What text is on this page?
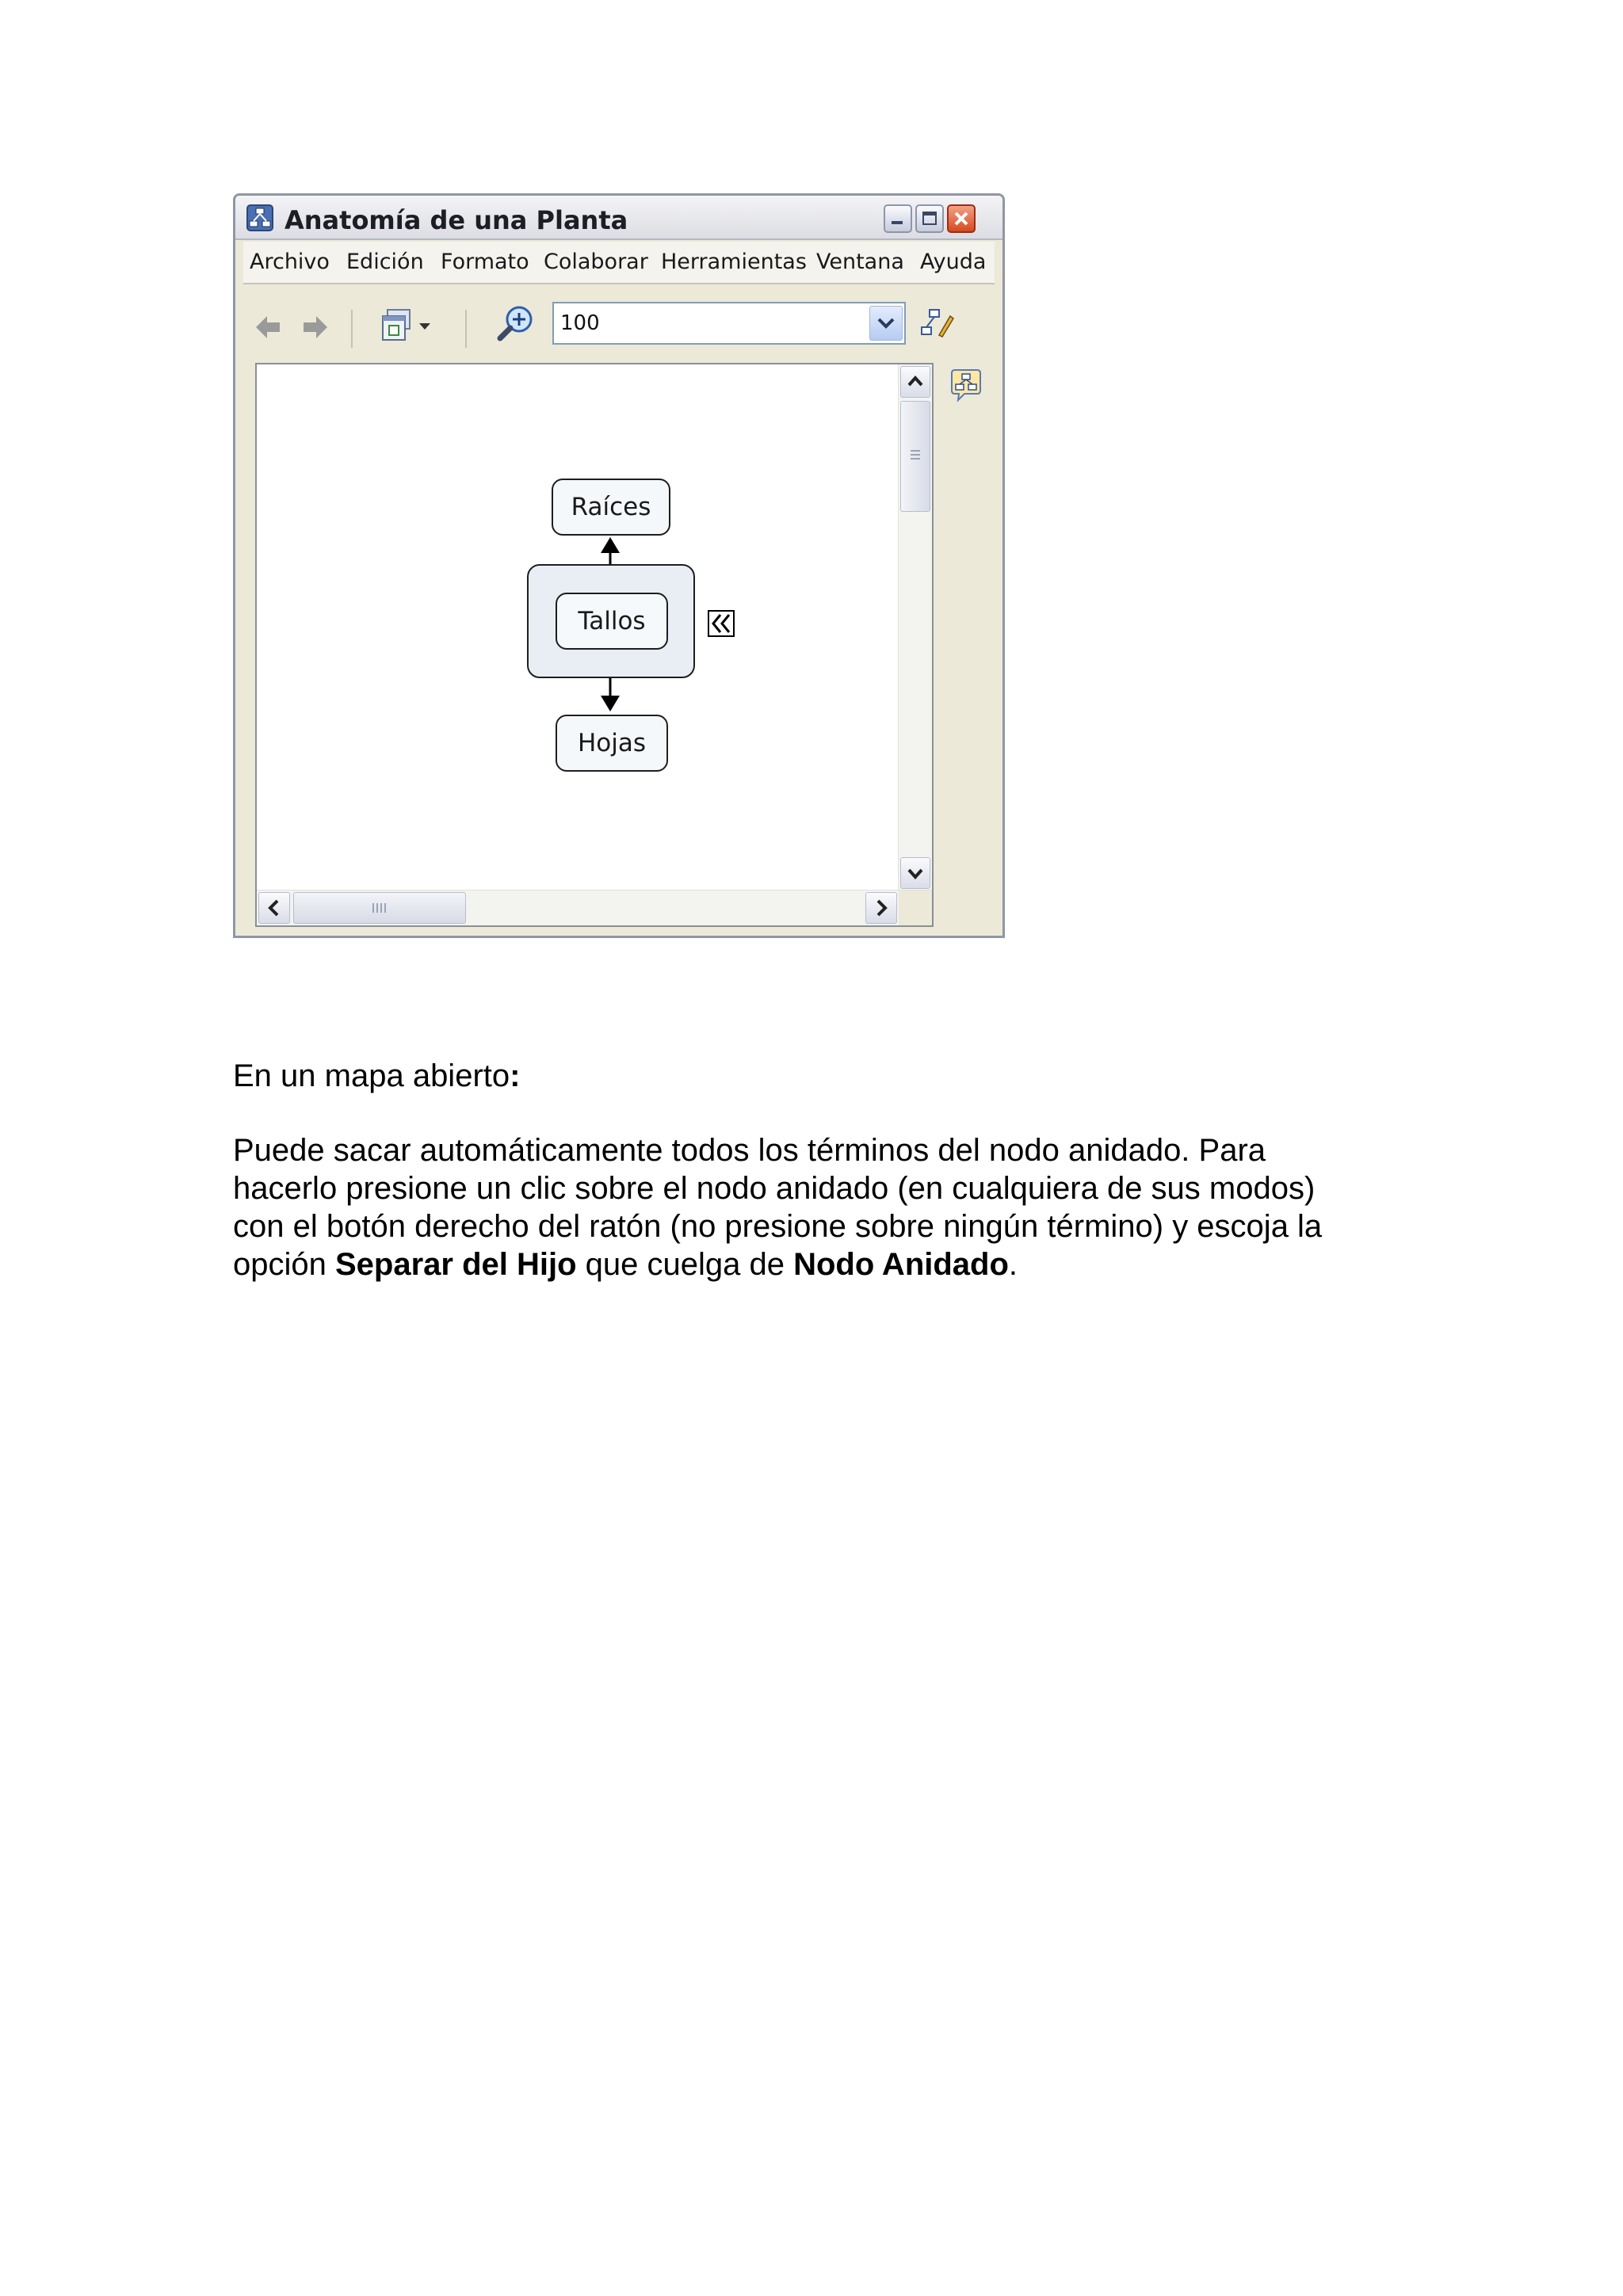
Anatomía de una Planta
Archivo Edición Formato Colaborar Herramientas Ventana Ayuda
100
Raíces
Tallos
Hojas
En un mapa abierto:
Puede sacar automáticamente todos los términos del nodo anidado. Para
hacerlo presione un clic sobre el nodo anidado (en cualquiera de sus modos)
con el botón derecho del ratón (no presione sobre ningún término) y escoja la
opción Separar del Hijo que cuelga de Nodo Anidado.
